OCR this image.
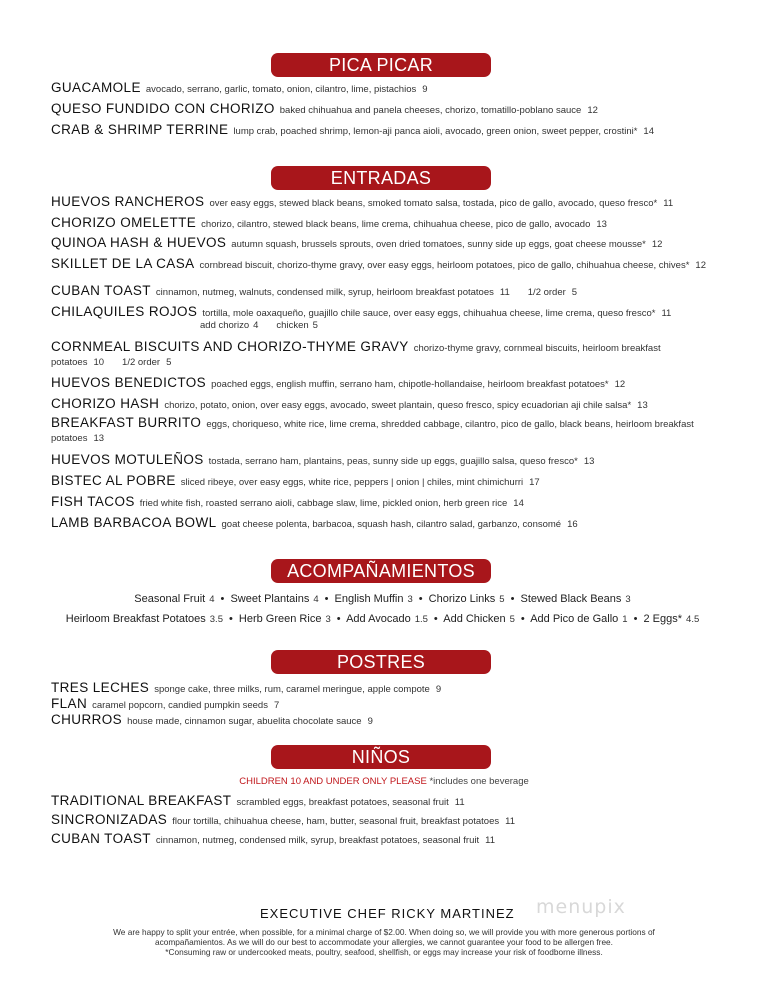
PICA PICAR
GUACAMOLE avocado, serrano, garlic, tomato, onion, cilantro, lime, pistachios 9
QUESO FUNDIDO CON CHORIZO baked chihuahua and panela cheeses, chorizo, tomatillo-poblano sauce 12
CRAB & SHRIMP TERRINE lump crab, poached shrimp, lemon-aji panca aioli, avocado, green onion, sweet pepper, crostini* 14
ENTRADAS
HUEVOS RANCHEROS over easy eggs, stewed black beans, smoked tomato salsa, tostada, pico de gallo, avocado, queso fresco* 11
CHORIZO OMELETTE chorizo, cilantro, stewed black beans, lime crema, chihuahua cheese, pico de gallo, avocado 13
QUINOA HASH & HUEVOS autumn squash, brussels sprouts, oven dried tomatoes, sunny side up eggs, goat cheese mousse* 12
SKILLET DE LA CASA cornbread biscuit, chorizo-thyme gravy, over easy eggs, heirloom potatoes, pico de gallo, chihuahua cheese, chives* 12
CUBAN TOAST cinnamon, nutmeg, walnuts, condensed milk, syrup, heirloom breakfast potatoes 11 1/2 order 5
CHILAQUILES ROJOS tortilla, mole oaxaqueño, guajillo chile sauce, over easy eggs, chihuahua cheese, lime crema, queso fresco* 11
add chorizo 4 chicken 5
CORNMEAL BISCUITS AND CHORIZO-THYME GRAVY chorizo-thyme gravy, cornmeal biscuits, heirloom breakfast potatoes 10 1/2 order 5
HUEVOS BENEDICTOS poached eggs, english muffin, serrano ham, chipotle-hollandaise, heirloom breakfast potatoes* 12
CHORIZO HASH chorizo, potato, onion, over easy eggs, avocado, sweet plantain, queso fresco, spicy ecuadorian aji chile salsa* 13
BREAKFAST BURRITO eggs, choriqueso, white rice, lime crema, shredded cabbage, cilantro, pico de gallo, black beans, heirloom breakfast potatoes 13
HUEVOS MOTULEÑOS tostada, serrano ham, plantains, peas, sunny side up eggs, guajillo salsa, queso fresco* 13
BISTEC AL POBRE sliced ribeye, over easy eggs, white rice, peppers | onion | chiles, mint chimichurri 17
FISH TACOS fried white fish, roasted serrano aioli, cabbage slaw, lime, pickled onion, herb green rice 14
LAMB BARBACOA BOWL goat cheese polenta, barbacoa, squash hash, cilantro salad, garbanzo, consomé 16
ACOMPAÑAMIENTOS
Seasonal Fruit 4 • Sweet Plantains 4 • English Muffin 3 • Chorizo Links 5 • Stewed Black Beans 3
Heirloom Breakfast Potatoes 3.5 • Herb Green Rice 3 • Add Avocado 1.5 • Add Chicken 5 • Add Pico de Gallo 1 • 2 Eggs* 4.5
POSTRES
TRES LECHES sponge cake, three milks, rum, caramel meringue, apple compote 9
FLAN caramel popcorn, candied pumpkin seeds 7
CHURROS house made, cinnamon sugar, abuelita chocolate sauce 9
NIÑOS
CHILDREN 10 AND UNDER ONLY PLEASE *includes one beverage
TRADITIONAL BREAKFAST scrambled eggs, breakfast potatoes, seasonal fruit 11
SINCRONIZADAS flour tortilla, chihuahua cheese, ham, butter, seasonal fruit, breakfast potatoes 11
CUBAN TOAST cinnamon, nutmeg, condensed milk, syrup, breakfast potatoes, seasonal fruit 11
menupix
EXECUTIVE CHEF RICKY MARTINEZ
We are happy to split your entrée, when possible, for a minimal charge of $2.00. When doing so, we will provide you with more generous portions of
acompañamientos. As we will do our best to accommodate your allergies, we cannot guarantee your food to be allergen free.
*Consuming raw or undercooked meats, poultry, seafood, shellfish, or eggs may increase your risk of foodborne illness.
